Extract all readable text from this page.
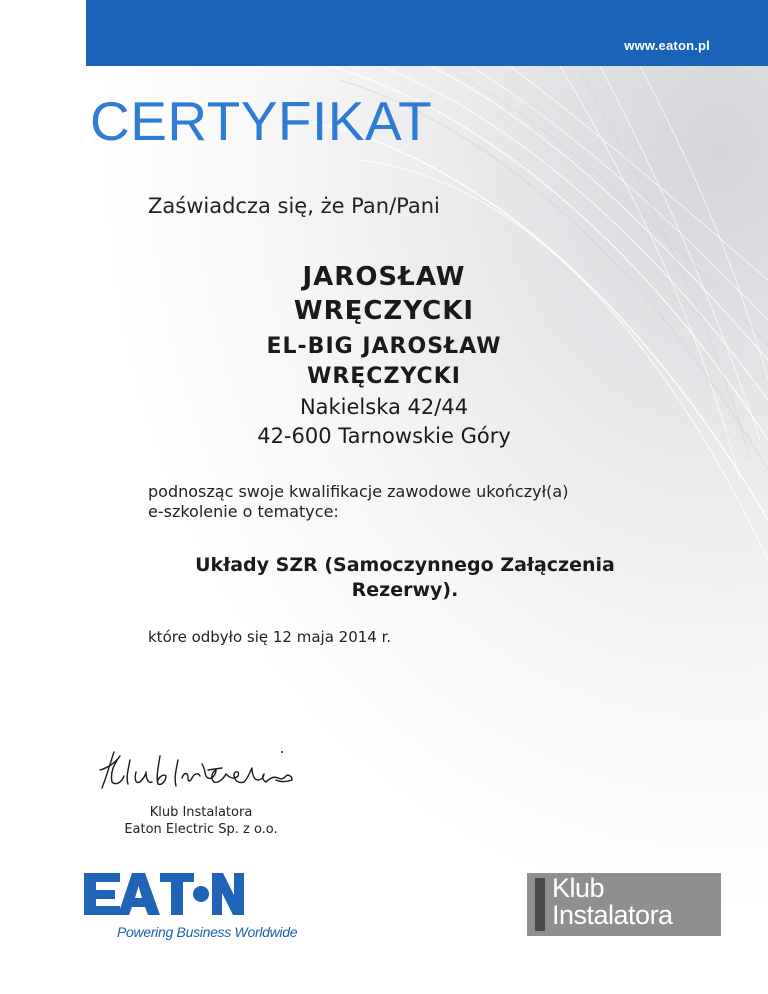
www.eaton.pl
CERTYFIKAT
Zaświadcza się, że Pan/Pani
JAROSŁAW
WRĘCZYCKI
EL-BIG JAROSŁAW
WRĘCZYCKI
Nakielska 42/44
42-600 Tarnowskie Góry
podnosząc swoje kwalifikacje zawodowe ukończył(a)
e-szkolenie o tematyce:
Układy SZR (Samoczynnego Załączenia
Rezerwy).
które odbyło się 12 maja 2014 r.
Klub Instalatora
Eaton Electric Sp. z o.o.
Powering Business Worldwide
Klub
Instalatora
